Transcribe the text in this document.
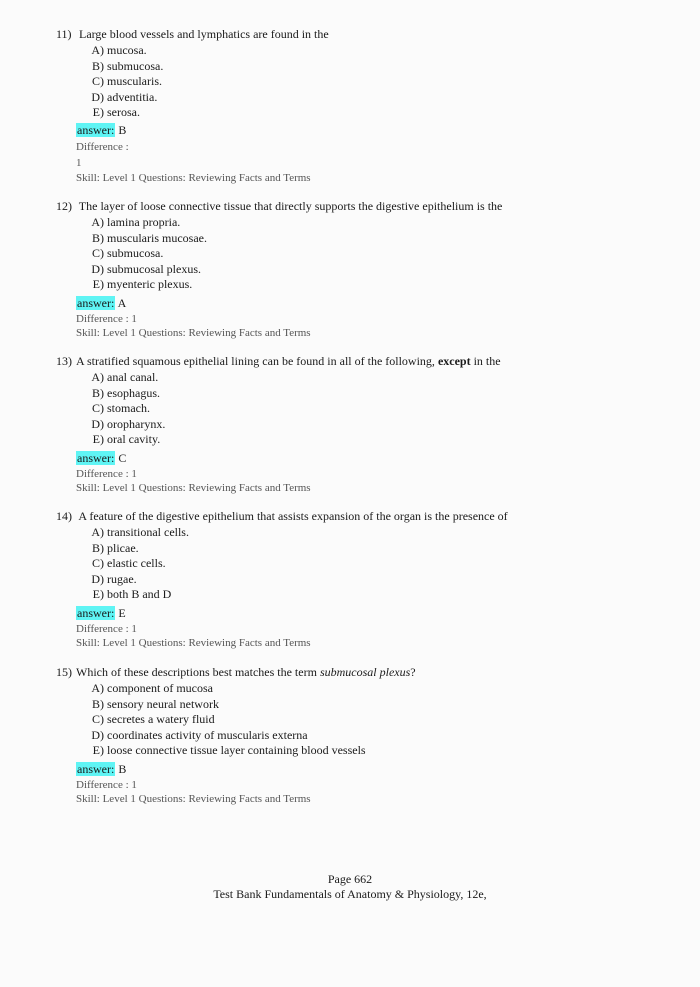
11) Large blood vessels and lymphatics are found in the
A) mucosa.
B) submucosa.
C) muscularis.
D) adventitia.
E) serosa.
answer: B
Difference :
1
Skill: Level 1 Questions: Reviewing Facts and Terms
12) The layer of loose connective tissue that directly supports the digestive epithelium is the
A) lamina propria.
B) muscularis mucosae.
C) submucosa.
D) submucosal plexus.
E) myenteric plexus.
answer: A
Difference : 1
Skill: Level 1 Questions: Reviewing Facts and Terms
13) A stratified squamous epithelial lining can be found in all of the following, except in the
A) anal canal.
B) esophagus.
C) stomach.
D) oropharynx.
E) oral cavity.
answer: C
Difference : 1
Skill: Level 1 Questions: Reviewing Facts and Terms
14) A feature of the digestive epithelium that assists expansion of the organ is the presence of
A) transitional cells.
B) plicae.
C) elastic cells.
D) rugae.
E) both B and D
answer: E
Difference : 1
Skill: Level 1 Questions: Reviewing Facts and Terms
15) Which of these descriptions best matches the term submucosal plexus?
A) component of mucosa
B) sensory neural network
C) secretes a watery fluid
D) coordinates activity of muscularis externa
E) loose connective tissue layer containing blood vessels
answer: B
Difference : 1
Skill: Level 1 Questions: Reviewing Facts and Terms
Page 662
Test Bank Fundamentals of Anatomy & Physiology, 12e,
